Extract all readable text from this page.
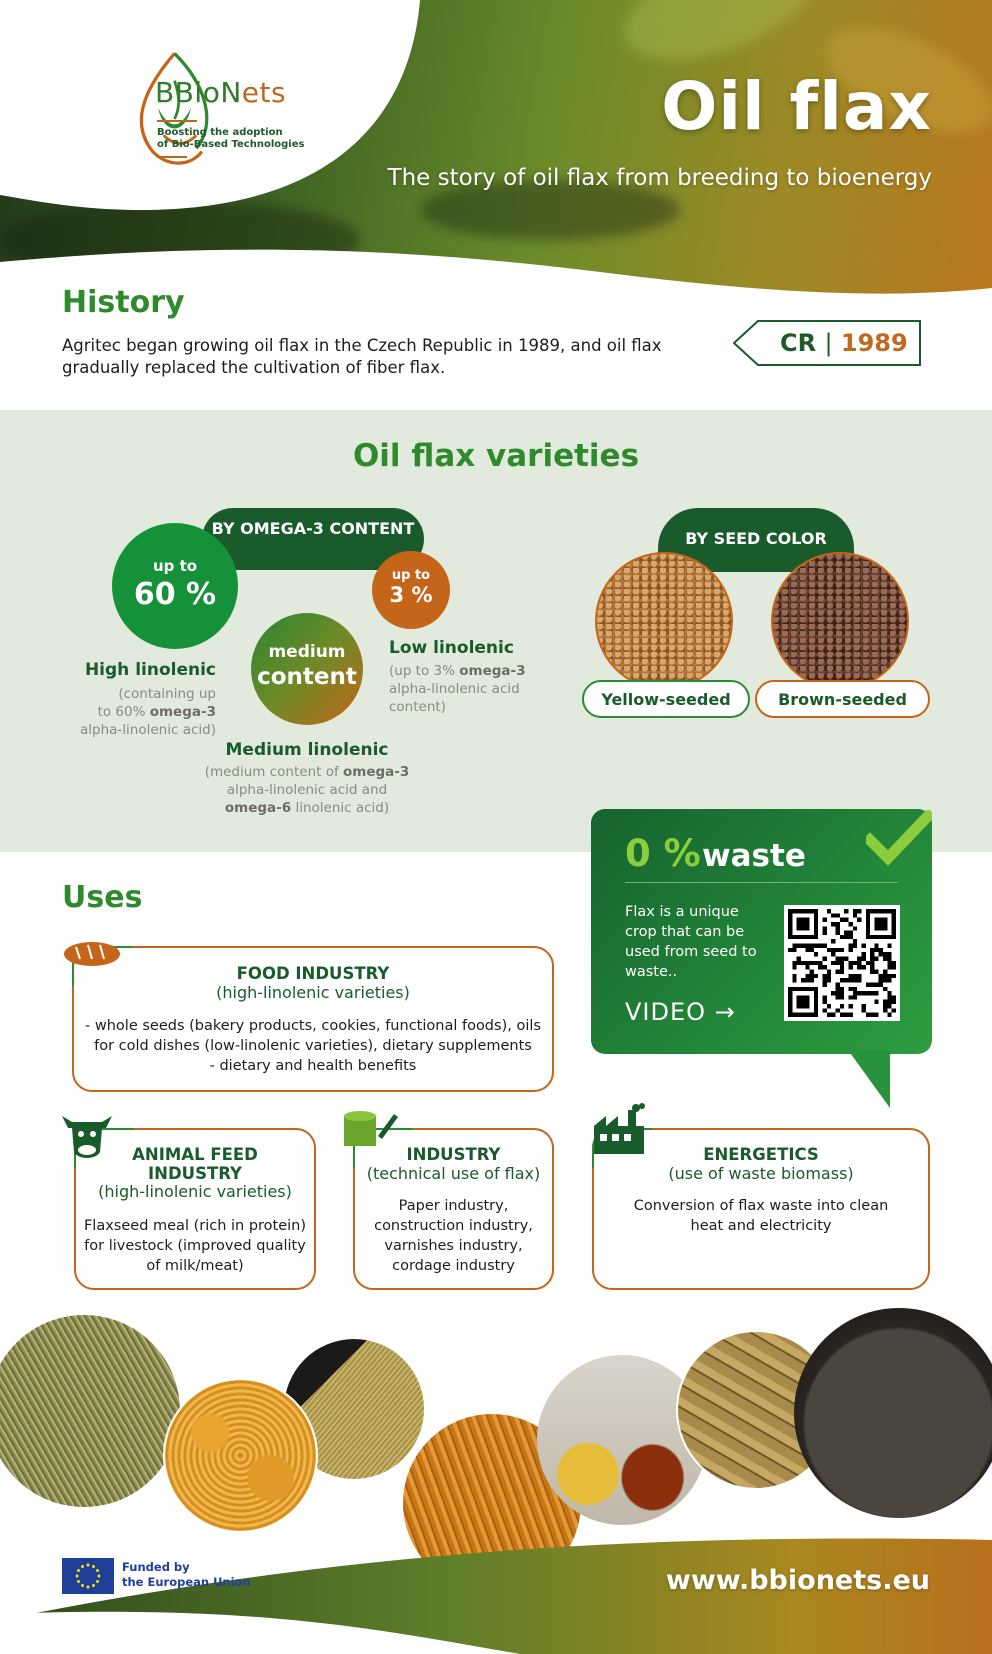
BBioNets
Boosting the adoption
of Bio-Based Technologies	Oil flax
The story of oil flax from breeding to bioenergy
History
Agritec began growing oil flax in the Czech Republic in 1989, and oil flax gradually replaced the cultivation of fiber flax.
CR | 1989
Oil flax varieties
BY OMEGA-3 CONTENT
up to
60 %
up to
3 %
medium
content
High linolenic
(containing up
to 60% omega-3
alpha-linolenic acid)
Low linolenic
(up to 3% omega-3
alpha-linolenic acid
content)
Medium linolenic
(medium content of omega-3
alpha-linolenic acid and
omega-6 linolenic acid)
BY SEED COLOR
Yellow-seeded	Brown-seeded
0 % waste
Flax is a unique crop that can be used from seed to waste..
VIDEO →
Uses
FOOD INDUSTRY
(high-linolenic varieties)
- whole seeds (bakery products, cookies, functional foods), oils
for cold dishes (low-linolenic varieties), dietary supplements
- dietary and health benefits
ANIMAL FEED
INDUSTRY
(high-linolenic varieties)
Flaxseed meal (rich in protein) for livestock (improved quality of milk/meat)
INDUSTRY
(technical use of flax)
Paper industry, construction industry, varnishes industry, cordage industry
ENERGETICS
(use of waste biomass)
Conversion of flax waste into clean heat and electricity
Funded by
the European Union	www.bbionets.eu
